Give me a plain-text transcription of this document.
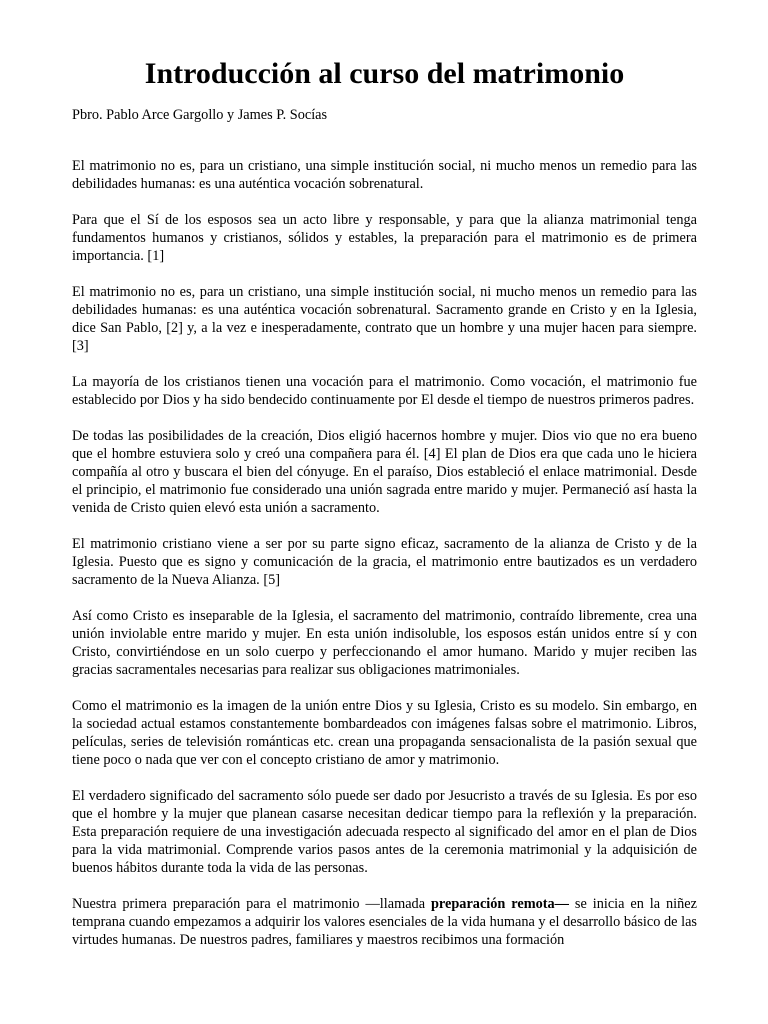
Introducción al curso del matrimonio

Pbro. Pablo Arce Gargollo y James P. Socías

El matrimonio no es, para un cristiano, una simple institución social, ni mucho menos un remedio para las debilidades humanas: es una auténtica vocación sobrenatural.

Para que el Sí de los esposos sea un acto libre y responsable, y para que la alianza matrimonial tenga fundamentos humanos y cristianos, sólidos y estables, la preparación para el matrimonio es de primera importancia. [1]

El matrimonio no es, para un cristiano, una simple institución social, ni mucho menos un remedio para las debilidades humanas: es una auténtica vocación sobrenatural. Sacramento grande en Cristo y en la Iglesia, dice San Pablo, [2] y, a la vez e inesperadamente, contrato que un hombre y una mujer hacen para siempre. [3]

La mayoría de los cristianos tienen una vocación para el matrimonio. Como vocación, el matrimonio fue establecido por Dios y ha sido bendecido continuamente por El desde el tiempo de nuestros primeros padres.

De todas las posibilidades de la creación, Dios eligió hacernos hombre y mujer. Dios vio que no era bueno que el hombre estuviera solo y creó una compañera para él. [4] El plan de Dios era que cada uno le hiciera compañía al otro y buscara el bien del cónyuge. En el paraíso, Dios estableció el enlace matrimonial. Desde el principio, el matrimonio fue considerado una unión sagrada entre marido y mujer. Permaneció así hasta la venida de Cristo quien elevó esta unión a sacramento.

El matrimonio cristiano viene a ser por su parte signo eficaz, sacramento de la alianza de Cristo y de la Iglesia. Puesto que es signo y comunicación de la gracia, el matrimonio entre bautizados es un verdadero sacramento de la Nueva Alianza. [5]

Así como Cristo es inseparable de la Iglesia, el sacramento del matrimonio, contraído libremente, crea una unión inviolable entre marido y mujer. En esta unión indisoluble, los esposos están unidos entre sí y con Cristo, convirtiéndose en un solo cuerpo y perfeccionando el amor humano. Marido y mujer reciben las gracias sacramentales necesarias para realizar sus obligaciones matrimoniales.

Como el matrimonio es la imagen de la unión entre Dios y su Iglesia, Cristo es su modelo. Sin embargo, en la sociedad actual estamos constantemente bombardeados con imágenes falsas sobre el matrimonio. Libros, películas, series de televisión románticas etc. crean una propaganda sensacionalista de la pasión sexual que tiene poco o nada que ver con el concepto cristiano de amor y matrimonio.

El verdadero significado del sacramento sólo puede ser dado por Jesucristo a través de su Iglesia. Es por eso que el hombre y la mujer que planean casarse necesitan dedicar tiempo para la reflexión y la preparación. Esta preparación requiere de una investigación adecuada respecto al significado del amor en el plan de Dios para la vida matrimonial. Comprende varios pasos antes de la ceremonia matrimonial y la adquisición de buenos hábitos durante toda la vida de las personas.

Nuestra primera preparación para el matrimonio —llamada preparación remota— se inicia en la niñez temprana cuando empezamos a adquirir los valores esenciales de la vida humana y el desarrollo básico de las virtudes humanas. De nuestros padres, familiares y maestros recibimos una formación
